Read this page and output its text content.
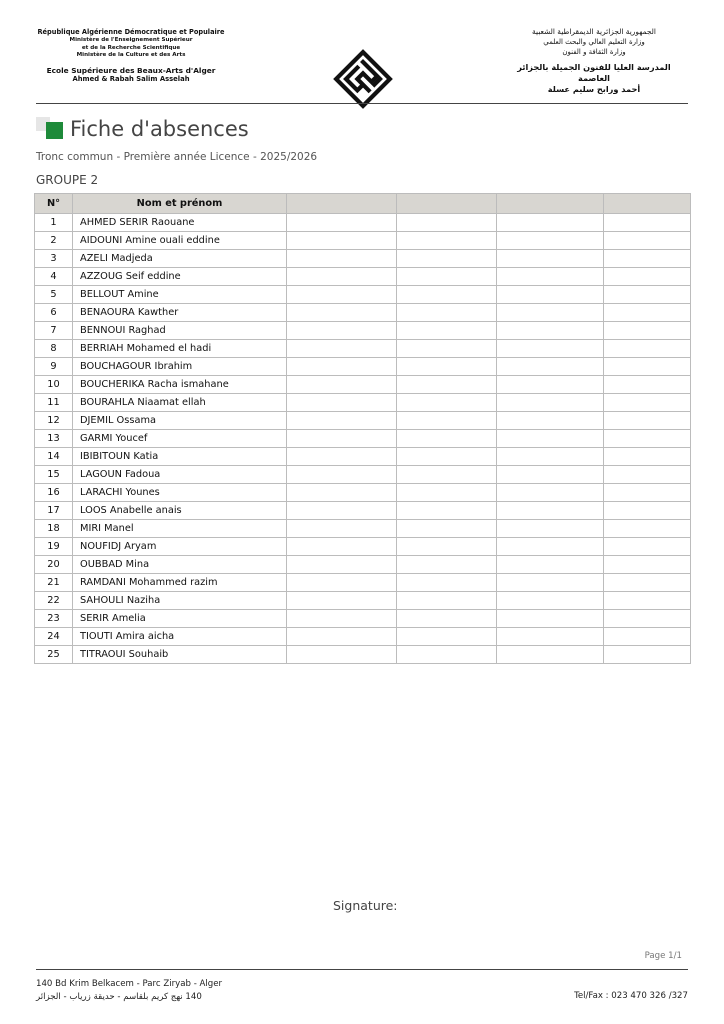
République Algérienne Démocratique et Populaire
Ministère de l'Enseignement Supérieur
et de la Recherche Scientifique
Ministère de la Culture et des Arts
Ecole Supérieure des Beaux-Arts d'Alger
Ahmed & Rabah Salim Asselah
الجمهورية الجزائرية الديمقراطية الشعبية
وزارة التعليم العالي والبحث العلمي
وزارة الثقافة و الفنون
المدرسة العليا للفنون الجميلة بالجزائر العاصمة
أحمد ورابح سليم عسلة
Fiche d'absences
Tronc commun - Première année Licence - 2025/2026
GROUPE 2
N°	Nom et prénom				
1	AHMED SERIR Raouane				
2	AIDOUNI Amine ouali eddine				
3	AZELI Madjeda				
4	AZZOUG Seif eddine				
5	BELLOUT Amine				
6	BENAOURA Kawther				
7	BENNOUI Raghad				
8	BERRIAH Mohamed el hadi				
9	BOUCHAGOUR Ibrahim				
10	BOUCHERIKA Racha ismahane				
11	BOURAHLA Niaamat ellah				
12	DJEMIL Ossama				
13	GARMI Youcef				
14	IBIBITOUN Katia				
15	LAGOUN Fadoua				
16	LARACHI Younes				
17	LOOS Anabelle anais				
18	MIRI Manel				
19	NOUFIDJ Aryam				
20	OUBBAD Mina				
21	RAMDANI Mohammed razim				
22	SAHOULI Naziha				
23	SERIR Amelia				
24	TIOUTI Amira aicha				
25	TITRAOUI Souhaib				
Signature:
Page 1/1
140 Bd Krim Belkacem - Parc Ziryab - Alger
140 نهج كريم بلقاسم - حديقة زرياب - الجزائر	Tel/Fax : 023 470 326 /327
